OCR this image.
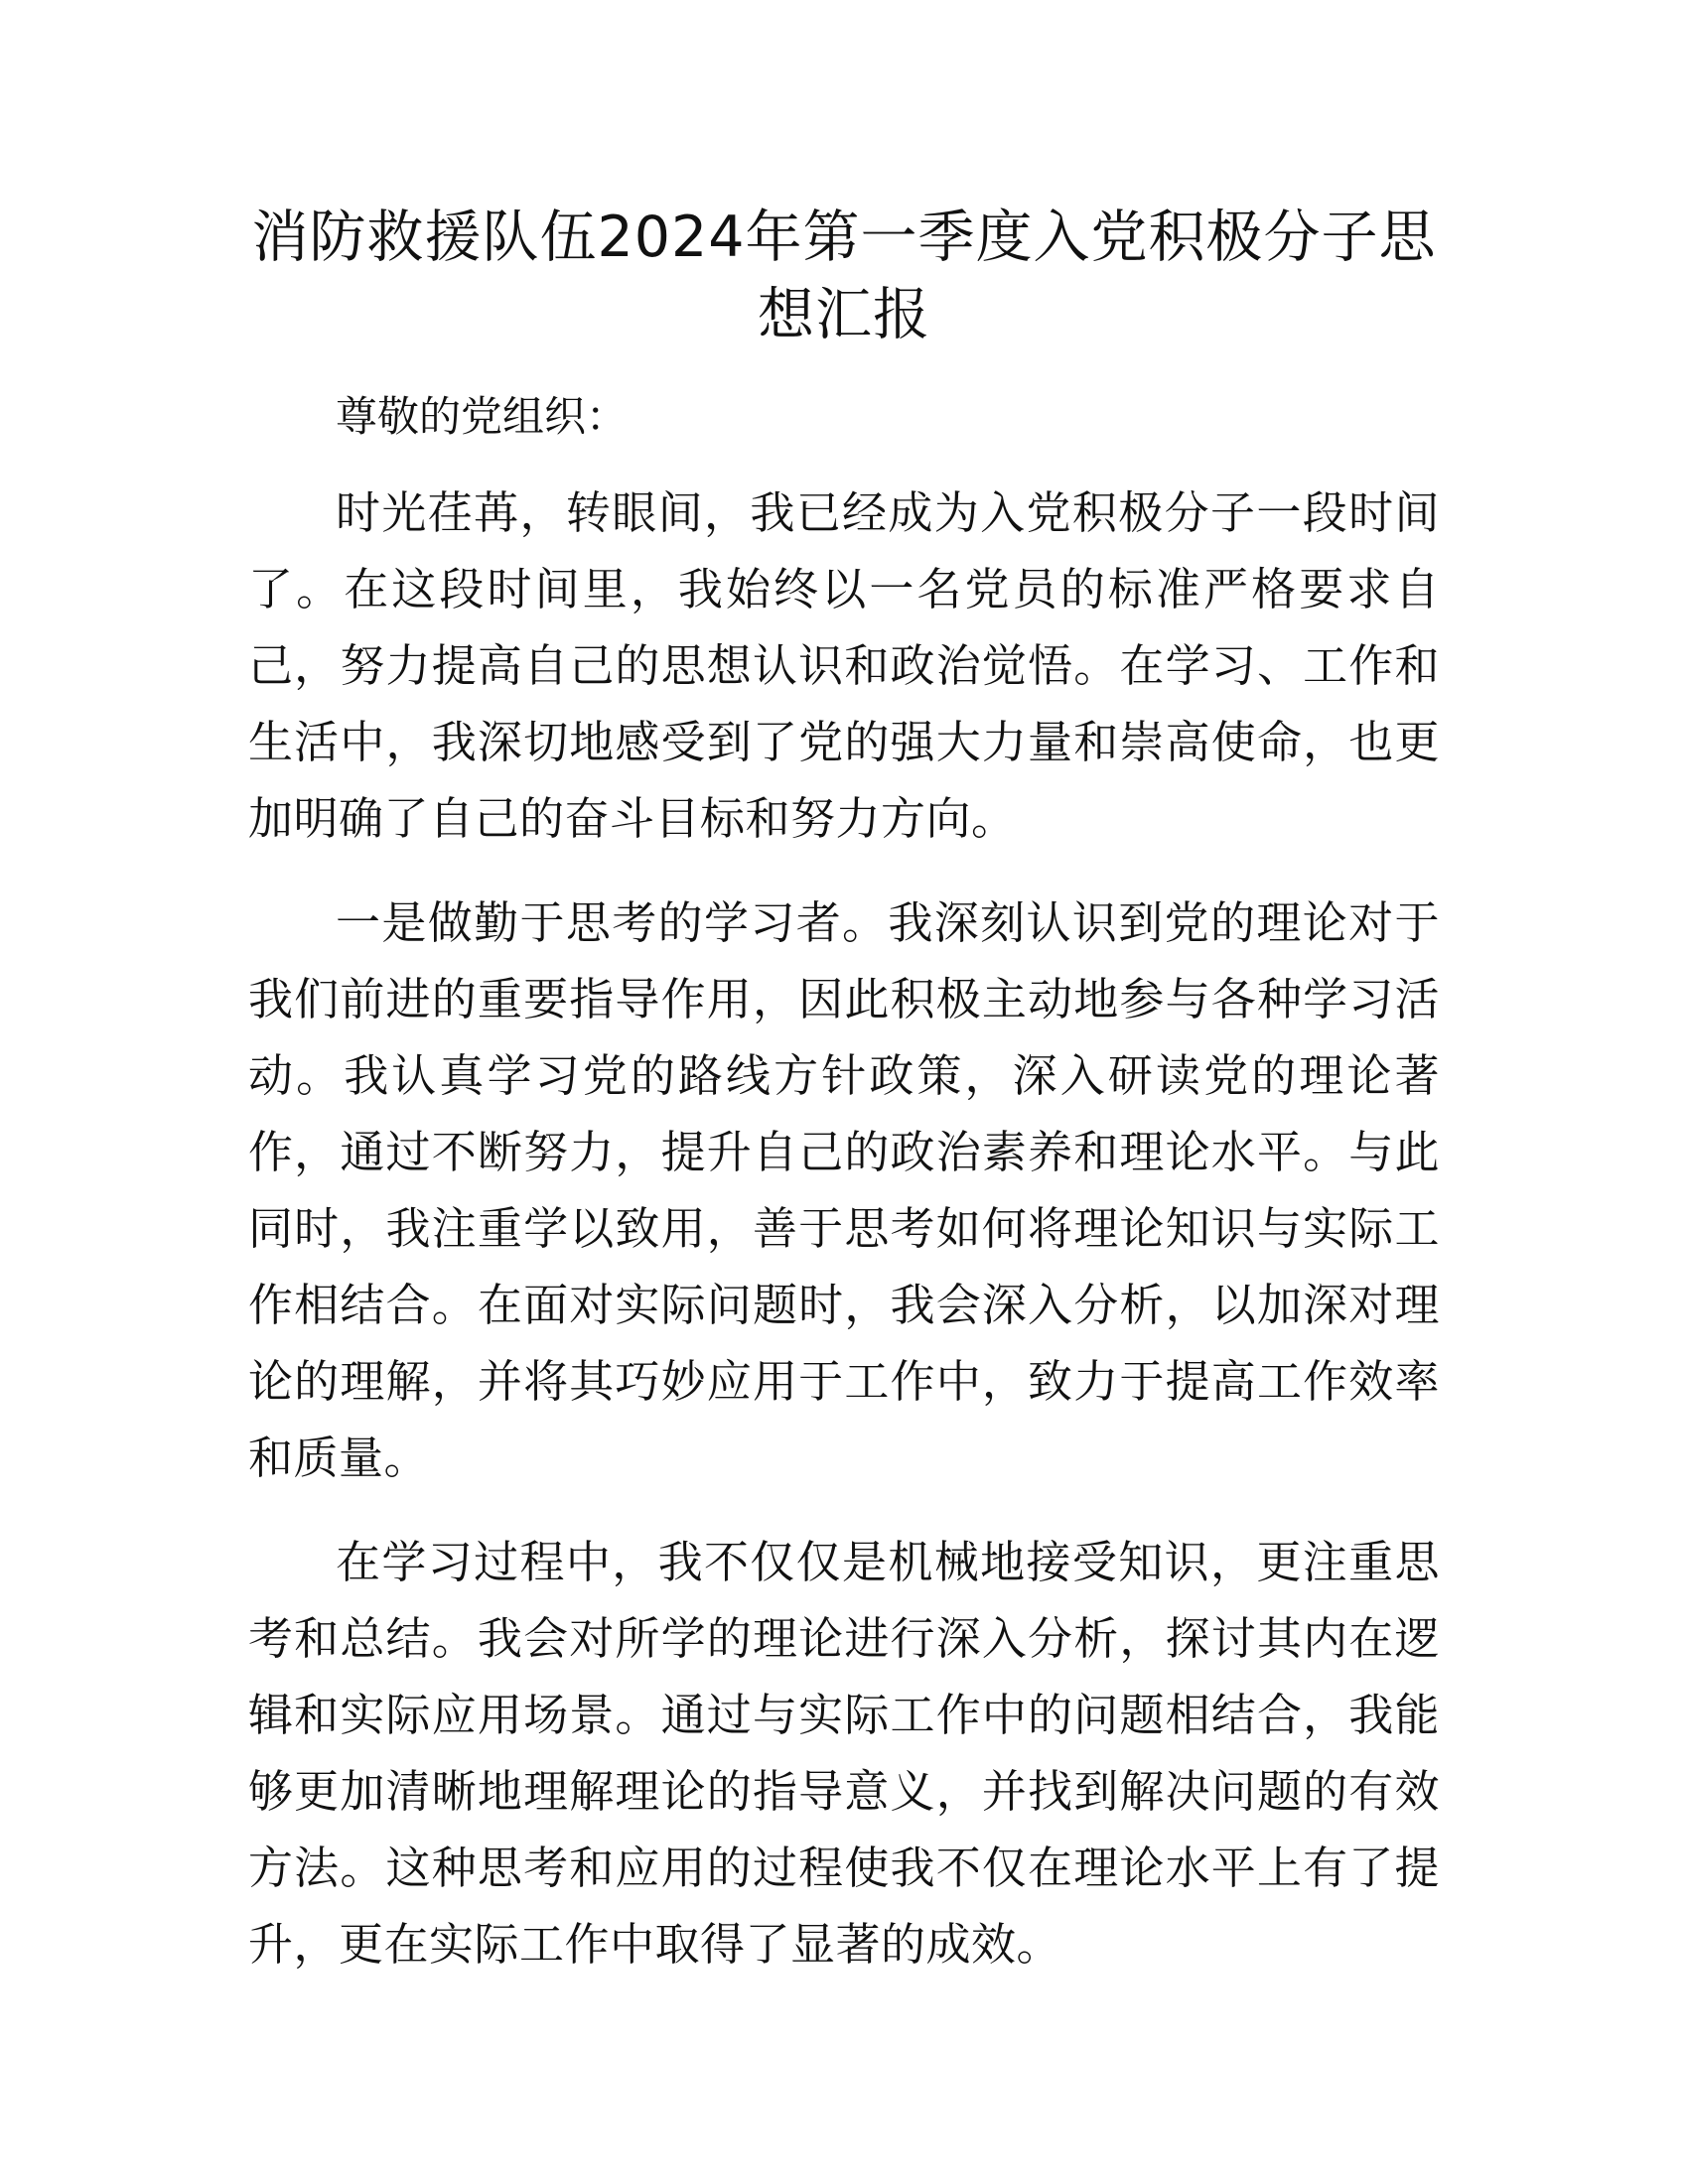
消防救援队伍2024年第一季度入党积极分子思想汇报

尊敬的党组织：

时光荏苒，转眼间，我已经成为入党积极分子一段时间了。在这段时间里，我始终以一名党员的标准严格要求自己，努力提高自己的思想认识和政治觉悟。在学习、工作和生活中，我深切地感受到了党的强大力量和崇高使命，也更加明确了自己的奋斗目标和努力方向。

一是做勤于思考的学习者。我深刻认识到党的理论对于我们前进的重要指导作用，因此积极主动地参与各种学习活动。我认真学习党的路线方针政策，深入研读党的理论著作，通过不断努力，提升自己的政治素养和理论水平。与此同时，我注重学以致用，善于思考如何将理论知识与实际工作相结合。在面对实际问题时，我会深入分析，以加深对理论的理解，并将其巧妙应用于工作中，致力于提高工作效率和质量。

在学习过程中，我不仅仅是机械地接受知识，更注重思考和总结。我会对所学的理论进行深入分析，探讨其内在逻辑和实际应用场景。通过与实际工作中的问题相结合，我能够更加清晰地理解理论的指导意义，并找到解决问题的有效方法。这种思考和应用的过程使我不仅在理论水平上有了提升，更在实际工作中取得了显著的成效。
